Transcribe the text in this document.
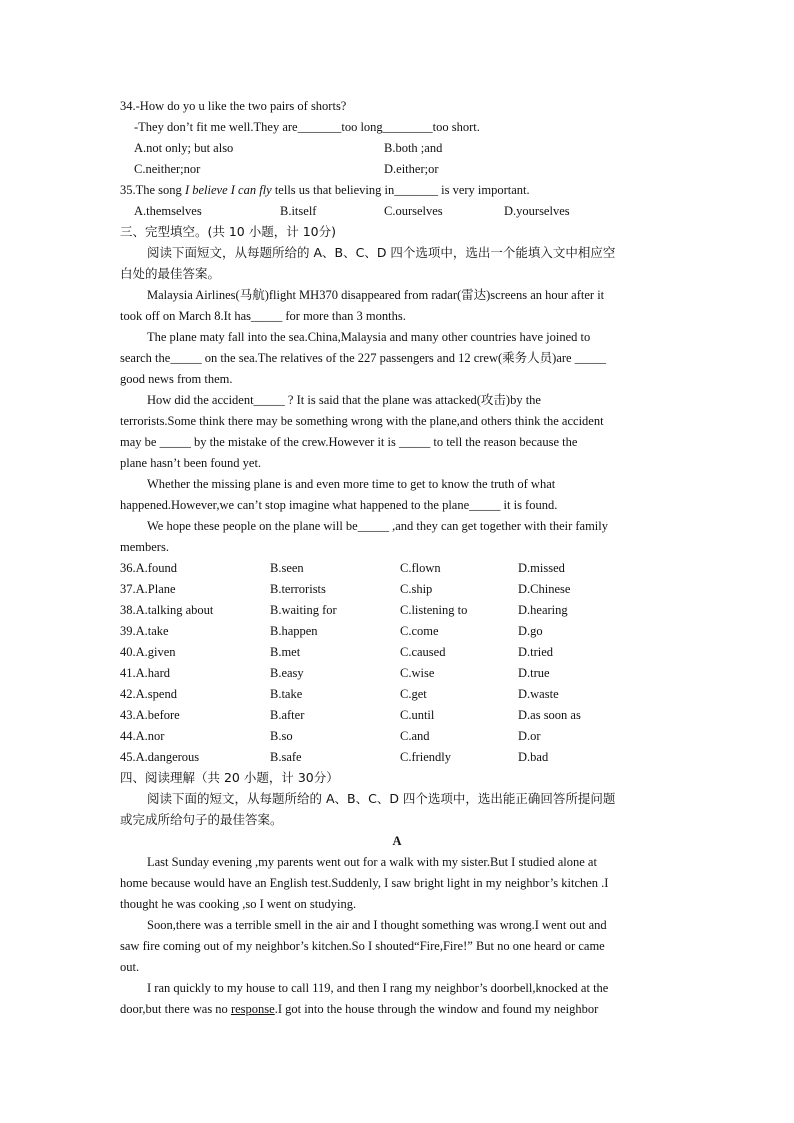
34.-How do yo u like the two pairs of shorts?
-They don’t fit me well.They are_______too long________too short.
A.not only; but also	B.both ;and
C.neither;nor	D.either;or
35.The song I believe I can fly tells us that believing in_______ is very important.
A.themselves	B.itself	C.ourselves	D.yourselves
三、完型填空。(共 10 小题，计 10分)
阅读下面短文，从每题所给的 A、B、C、D 四个选项中，选出一个能填入文中相应空
白处的最佳答案。
Malaysia Airlines(马航)flight MH370 disappeared from radar(雷达)screens an hour after it
took off on March 8.It has_____ for more than 3 months.
The plane maty fall into the sea.China,Malaysia and many other countries have joined to
search the_____ on the sea.The relatives of the 227 passengers and 12 crew(乘务人员)are _____
good news from them.
How did the accident_____ ? It is said that the plane was attacked(攻击)by the
terrorists.Some think there may be something wrong with the plane,and others think the accident
may be _____ by the mistake of the crew.However it is _____ to tell the reason because the
plane hasn’t been found yet.
Whether the missing plane is and even more time to get to know the truth of what
happened.However,we can’t stop imagine what happened to the plane_____ it is found.
We hope these people on the plane will be_____ ,and they can get together with their family
members.
36.A.found	B.seen	C.flown	D.missed
37.A.Plane	B.terrorists	C.ship	D.Chinese
38.A.talking about	B.waiting for	C.listening to	D.hearing
39.A.take	B.happen	C.come	D.go
40.A.given	B.met	C.caused	D.tried
41.A.hard	B.easy	C.wise	D.true
42.A.spend	B.take	C.get	D.waste
43.A.before	B.after	C.until	D.as soon as
44.A.nor	B.so	C.and	D.or
45.A.dangerous	B.safe	C.friendly	D.bad
四、阅读理解（共 20 小题，计 30分）
阅读下面的短文，从每题所给的 A、B、C、D 四个选项中，选出能正确回答所提问题
或完成所给句子的最佳答案。
A
Last Sunday evening ,my parents went out for a walk with my sister.But I studied alone at
home because would have an English test.Suddenly, I saw bright light in my neighbor’s kitchen .I
thought he was cooking ,so I went on studying.
Soon,there was a terrible smell in the air and I thought something was wrong.I went out and
saw fire coming out of my neighbor’s kitchen.So I shouted“Fire,Fire!” But no one heard or came
out.
I ran quickly to my house to call 119, and then I rang my neighbor’s doorbell,knocked at the
door,but there was no response.I got into the house through the window and found my neighbor
